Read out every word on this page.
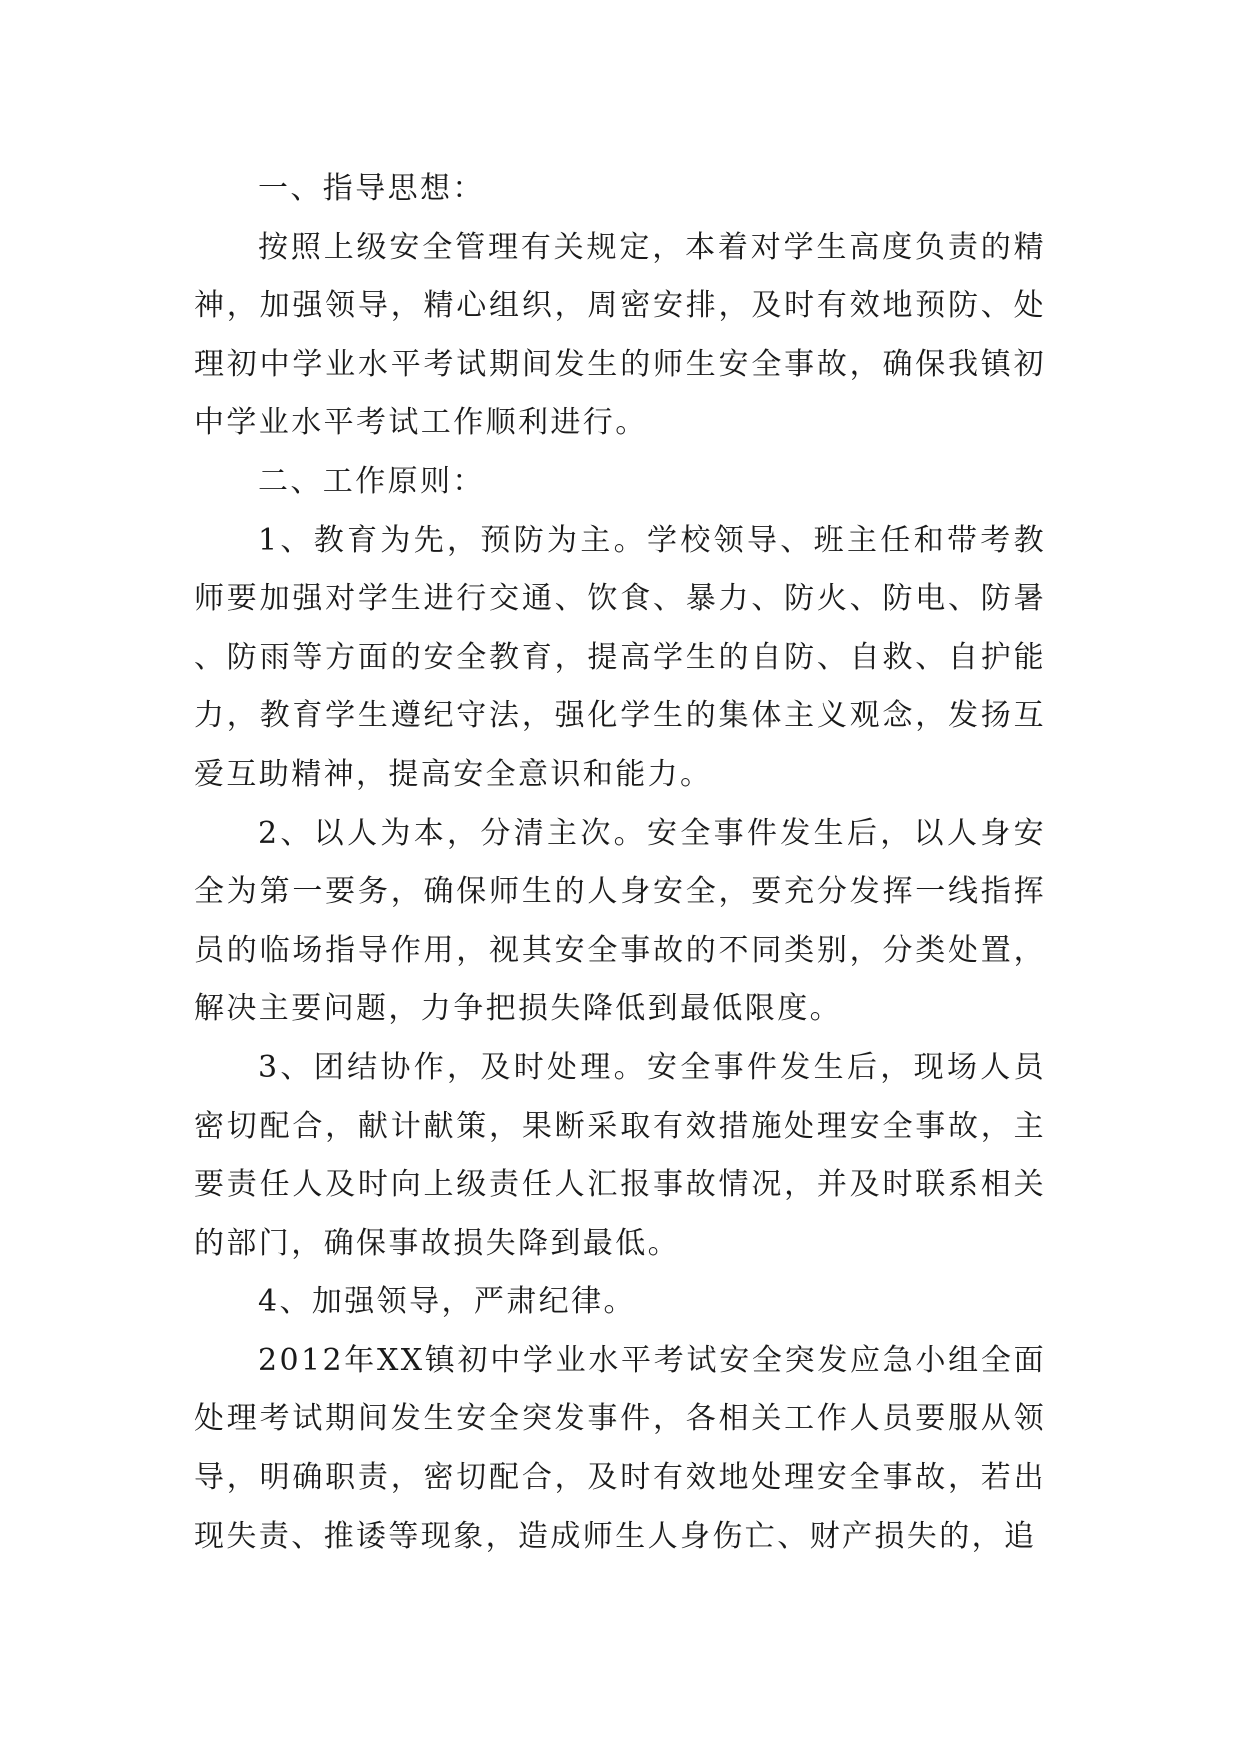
一、指导思想：

按照上级安全管理有关规定，本着对学生高度负责的精神，加强领导，精心组织，周密安排，及时有效地预防、处理初中学业水平考试期间发生的师生安全事故，确保我镇初中学业水平考试工作顺利进行。

二、工作原则：

1、教育为先，预防为主。学校领导、班主任和带考教师要加强对学生进行交通、饮食、暴力、防火、防电、防暑、防雨等方面的安全教育，提高学生的自防、自救、自护能力，教育学生遵纪守法，强化学生的集体主义观念，发扬互爱互助精神，提高安全意识和能力。

2、以人为本，分清主次。安全事件发生后，以人身安全为第一要务，确保师生的人身安全，要充分发挥一线指挥员的临场指导作用，视其安全事故的不同类别，分类处置，解决主要问题，力争把损失降低到最低限度。

3、团结协作，及时处理。安全事件发生后，现场人员密切配合，献计献策，果断采取有效措施处理安全事故，主要责任人及时向上级责任人汇报事故情况，并及时联系相关的部门，确保事故损失降到最低。

4、加强领导，严肃纪律。

2012年XX镇初中学业水平考试安全突发应急小组全面处理考试期间发生安全突发事件，各相关工作人员要服从领导，明确职责，密切配合，及时有效地处理安全事故，若出现失责、推诿等现象，造成师生人身伤亡、财产损失的，追
